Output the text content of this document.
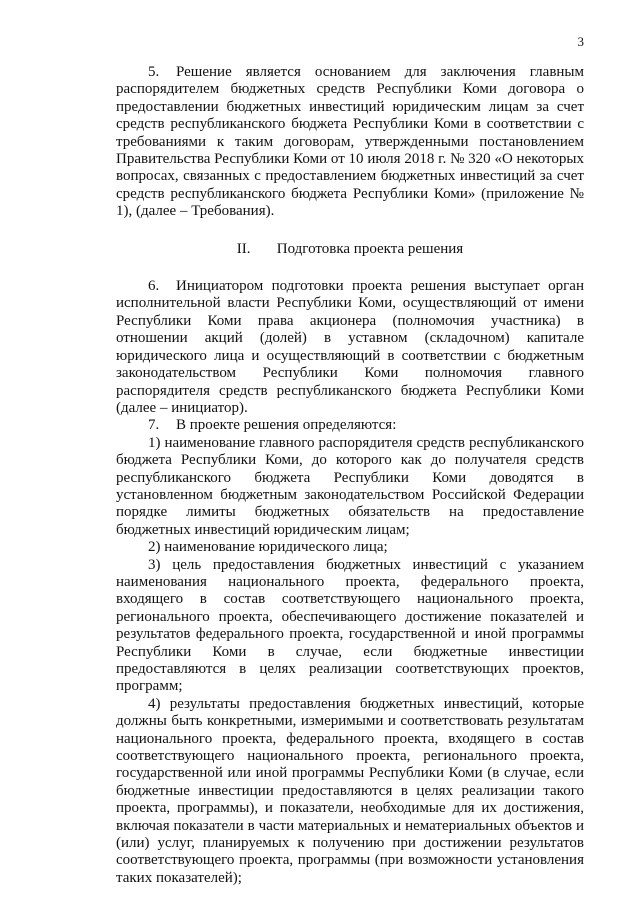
3

5. Решение является основанием для заключения главным распорядителем бюджетных средств Республики Коми договора о предоставлении бюджетных инвестиций юридическим лицам за счет средств республиканского бюджета Республики Коми в соответствии с требованиями к таким договорам, утвержденными постановлением Правительства Республики Коми от 10 июля 2018 г. № 320 «О некоторых вопросах, связанных с предоставлением бюджетных инвестиций за счет средств республиканского бюджета Республики Коми» (приложение № 1), (далее – Требования).

II. Подготовка проекта решения

6. Инициатором подготовки проекта решения выступает орган исполнительной власти Республики Коми, осуществляющий от имени Республики Коми права акционера (полномочия участника) в отношении акций (долей) в уставном (складочном) капитале юридического лица и осуществляющий в соответствии с бюджетным законодательством Республики Коми полномочия главного распорядителя средств республиканского бюджета Республики Коми (далее – инициатор).

7. В проекте решения определяются:

1) наименование главного распорядителя средств республиканского бюджета Республики Коми, до которого как до получателя средств республиканского бюджета Республики Коми доводятся в установленном бюджетным законодательством Российской Федерации порядке лимиты бюджетных обязательств на предоставление бюджетных инвестиций юридическим лицам;

2) наименование юридического лица;

3) цель предоставления бюджетных инвестиций с указанием наименования национального проекта, федерального проекта, входящего в состав соответствующего национального проекта, регионального проекта, обеспечивающего достижение показателей и результатов федерального проекта, государственной и иной программы Республики Коми в случае, если бюджетные инвестиции предоставляются в целях реализации соответствующих проектов, программ;

4) результаты предоставления бюджетных инвестиций, которые должны быть конкретными, измеримыми и соответствовать результатам национального проекта, федерального проекта, входящего в состав соответствующего национального проекта, регионального проекта, государственной или иной программы Республики Коми (в случае, если бюджетные инвестиции предоставляются в целях реализации такого проекта, программы), и показатели, необходимые для их достижения, включая показатели в части материальных и нематериальных объектов и (или) услуг, планируемых к получению при достижении результатов соответствующего проекта, программы (при возможности установления таких показателей);
